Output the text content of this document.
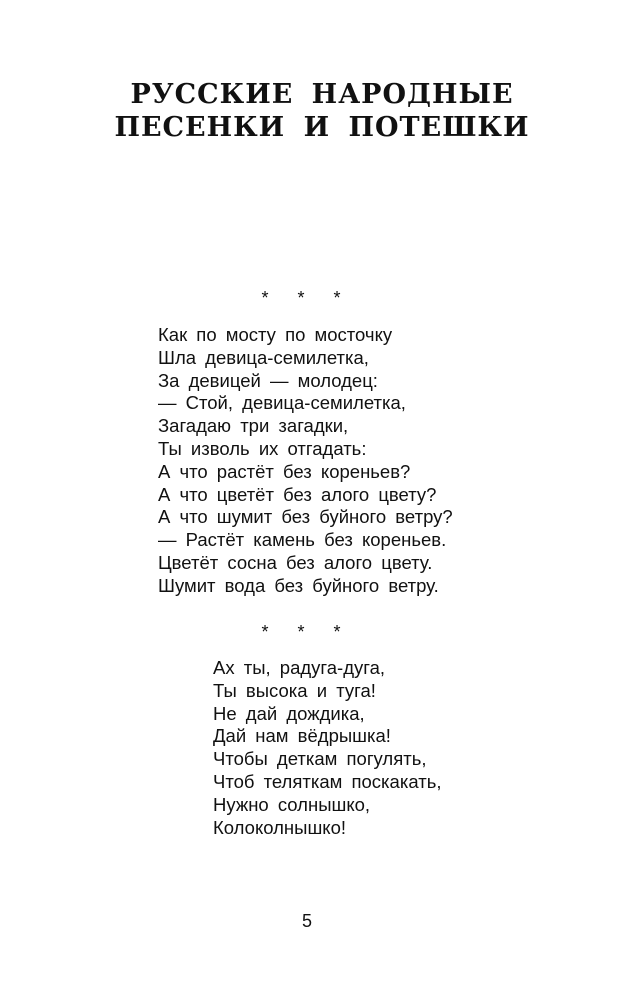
РУССКИЕ НАРОДНЫЕ
ПЕСЕНКИ И ПОТЕШКИ
* * *
Как по мосту по мосточку
Шла девица-семилетка,
За девицей — молодец:
— Стой, девица-семилетка,
Загадаю три загадки,
Ты изволь их отгадать:
А что растёт без кореньев?
А что цветёт без алого цвету?
А что шумит без буйного ветру?
— Растёт камень без кореньев.
Цветёт сосна без алого цвету.
Шумит вода без буйного ветру.
* * *
Ах ты, радуга-дуга,
Ты высока и туга!
Не дай дождика,
Дай нам вёдрышка!
Чтобы деткам погулять,
Чтоб теляткам поскакать,
Нужно солнышко,
Колоколнышко!
5
